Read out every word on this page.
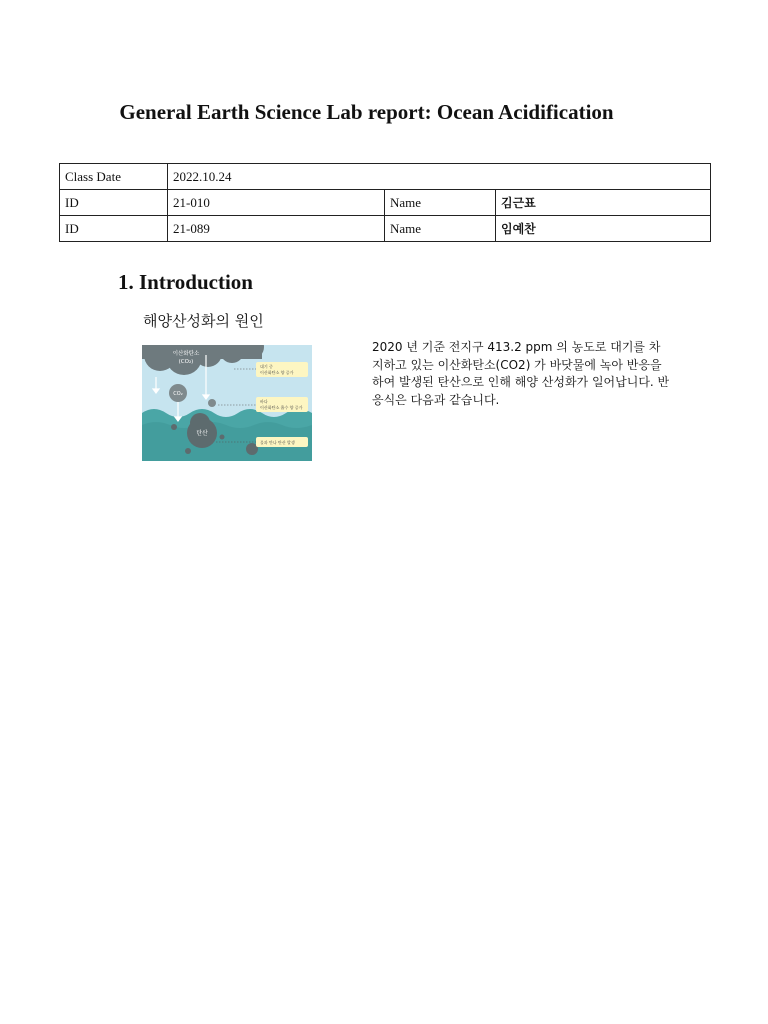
General Earth Science Lab report: Ocean Acidification
Class Date	2022.10.24		
ID	21-010	Name	김근표
ID	21-089	Name	임예찬
1. Introduction
해양산성화의 원인
이산화탄소
(CO₂)
CO₂
탄산
대기 중
이산화탄소 양 증가
바다
이산화탄소 흡수 양 증가
물과 만나 탄산 발생

2020 년 기준 전지구 413.2 ppm 의 농도로 대기를 차지하고 있는 이산화탄소(CO2) 가 바닷물에 녹아 반응을 하여 발생된 탄산으로 인해 해양 산성화가 일어납니다. 반응식은 다음과 같습니다.
